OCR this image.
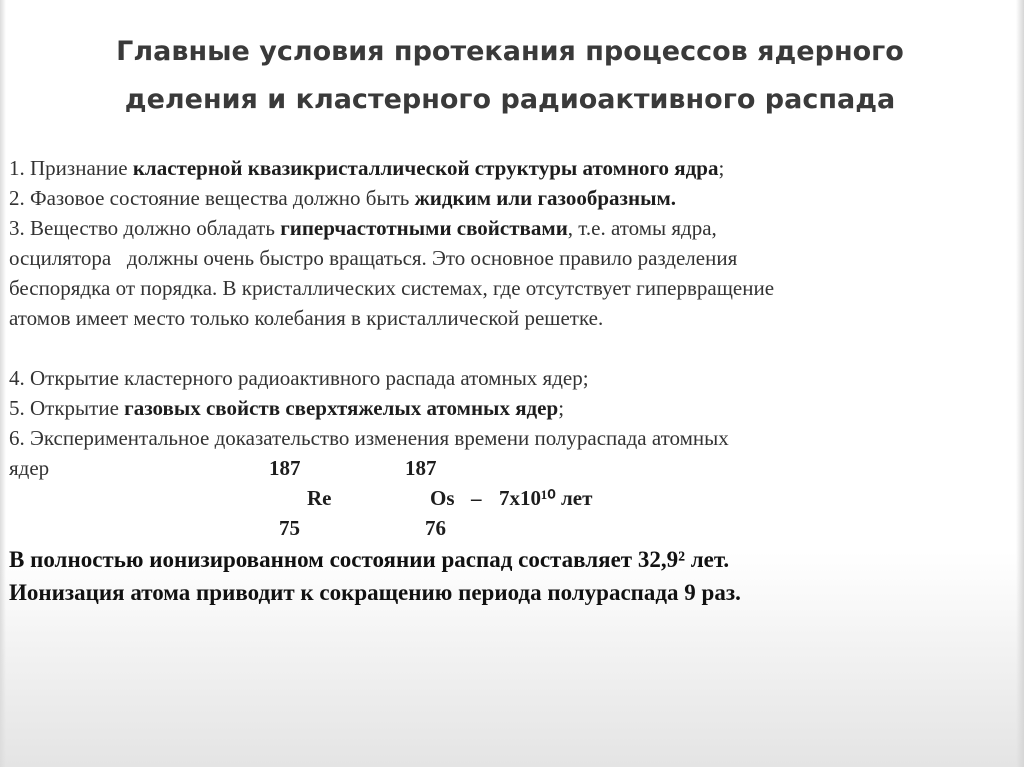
Главные условия протекания процессов ядерного
деления и кластерного радиоактивного распада
1. Признание кластерной квазикристаллической структуры атомного ядра;
2. Фазовое состояние вещества должно быть жидким или газообразным.
3. Вещество должно обладать гиперчастотными свойствами, т.е. атомы ядра,
осцилятора   должны очень быстро вращаться. Это основное правило разделения
беспорядка от порядка. В кристаллических системах, где отсутствует гипервращение
атомов имеет место только колебания в кристаллической решетке.
4. Открытие кластерного радиоактивного распада атомных ядер;
5. Открытие газовых свойств сверхтяжелых атомных ядер;
6. Экспериментальное доказательство изменения времени полураспада атомных
ядер	187	187
Re	Os – 7х10¹⁰ лет
75	76
В полностью ионизированном состоянии распад составляет 32,9² лет.
Ионизация атома приводит к сокращению периода полураспада 9 раз.
